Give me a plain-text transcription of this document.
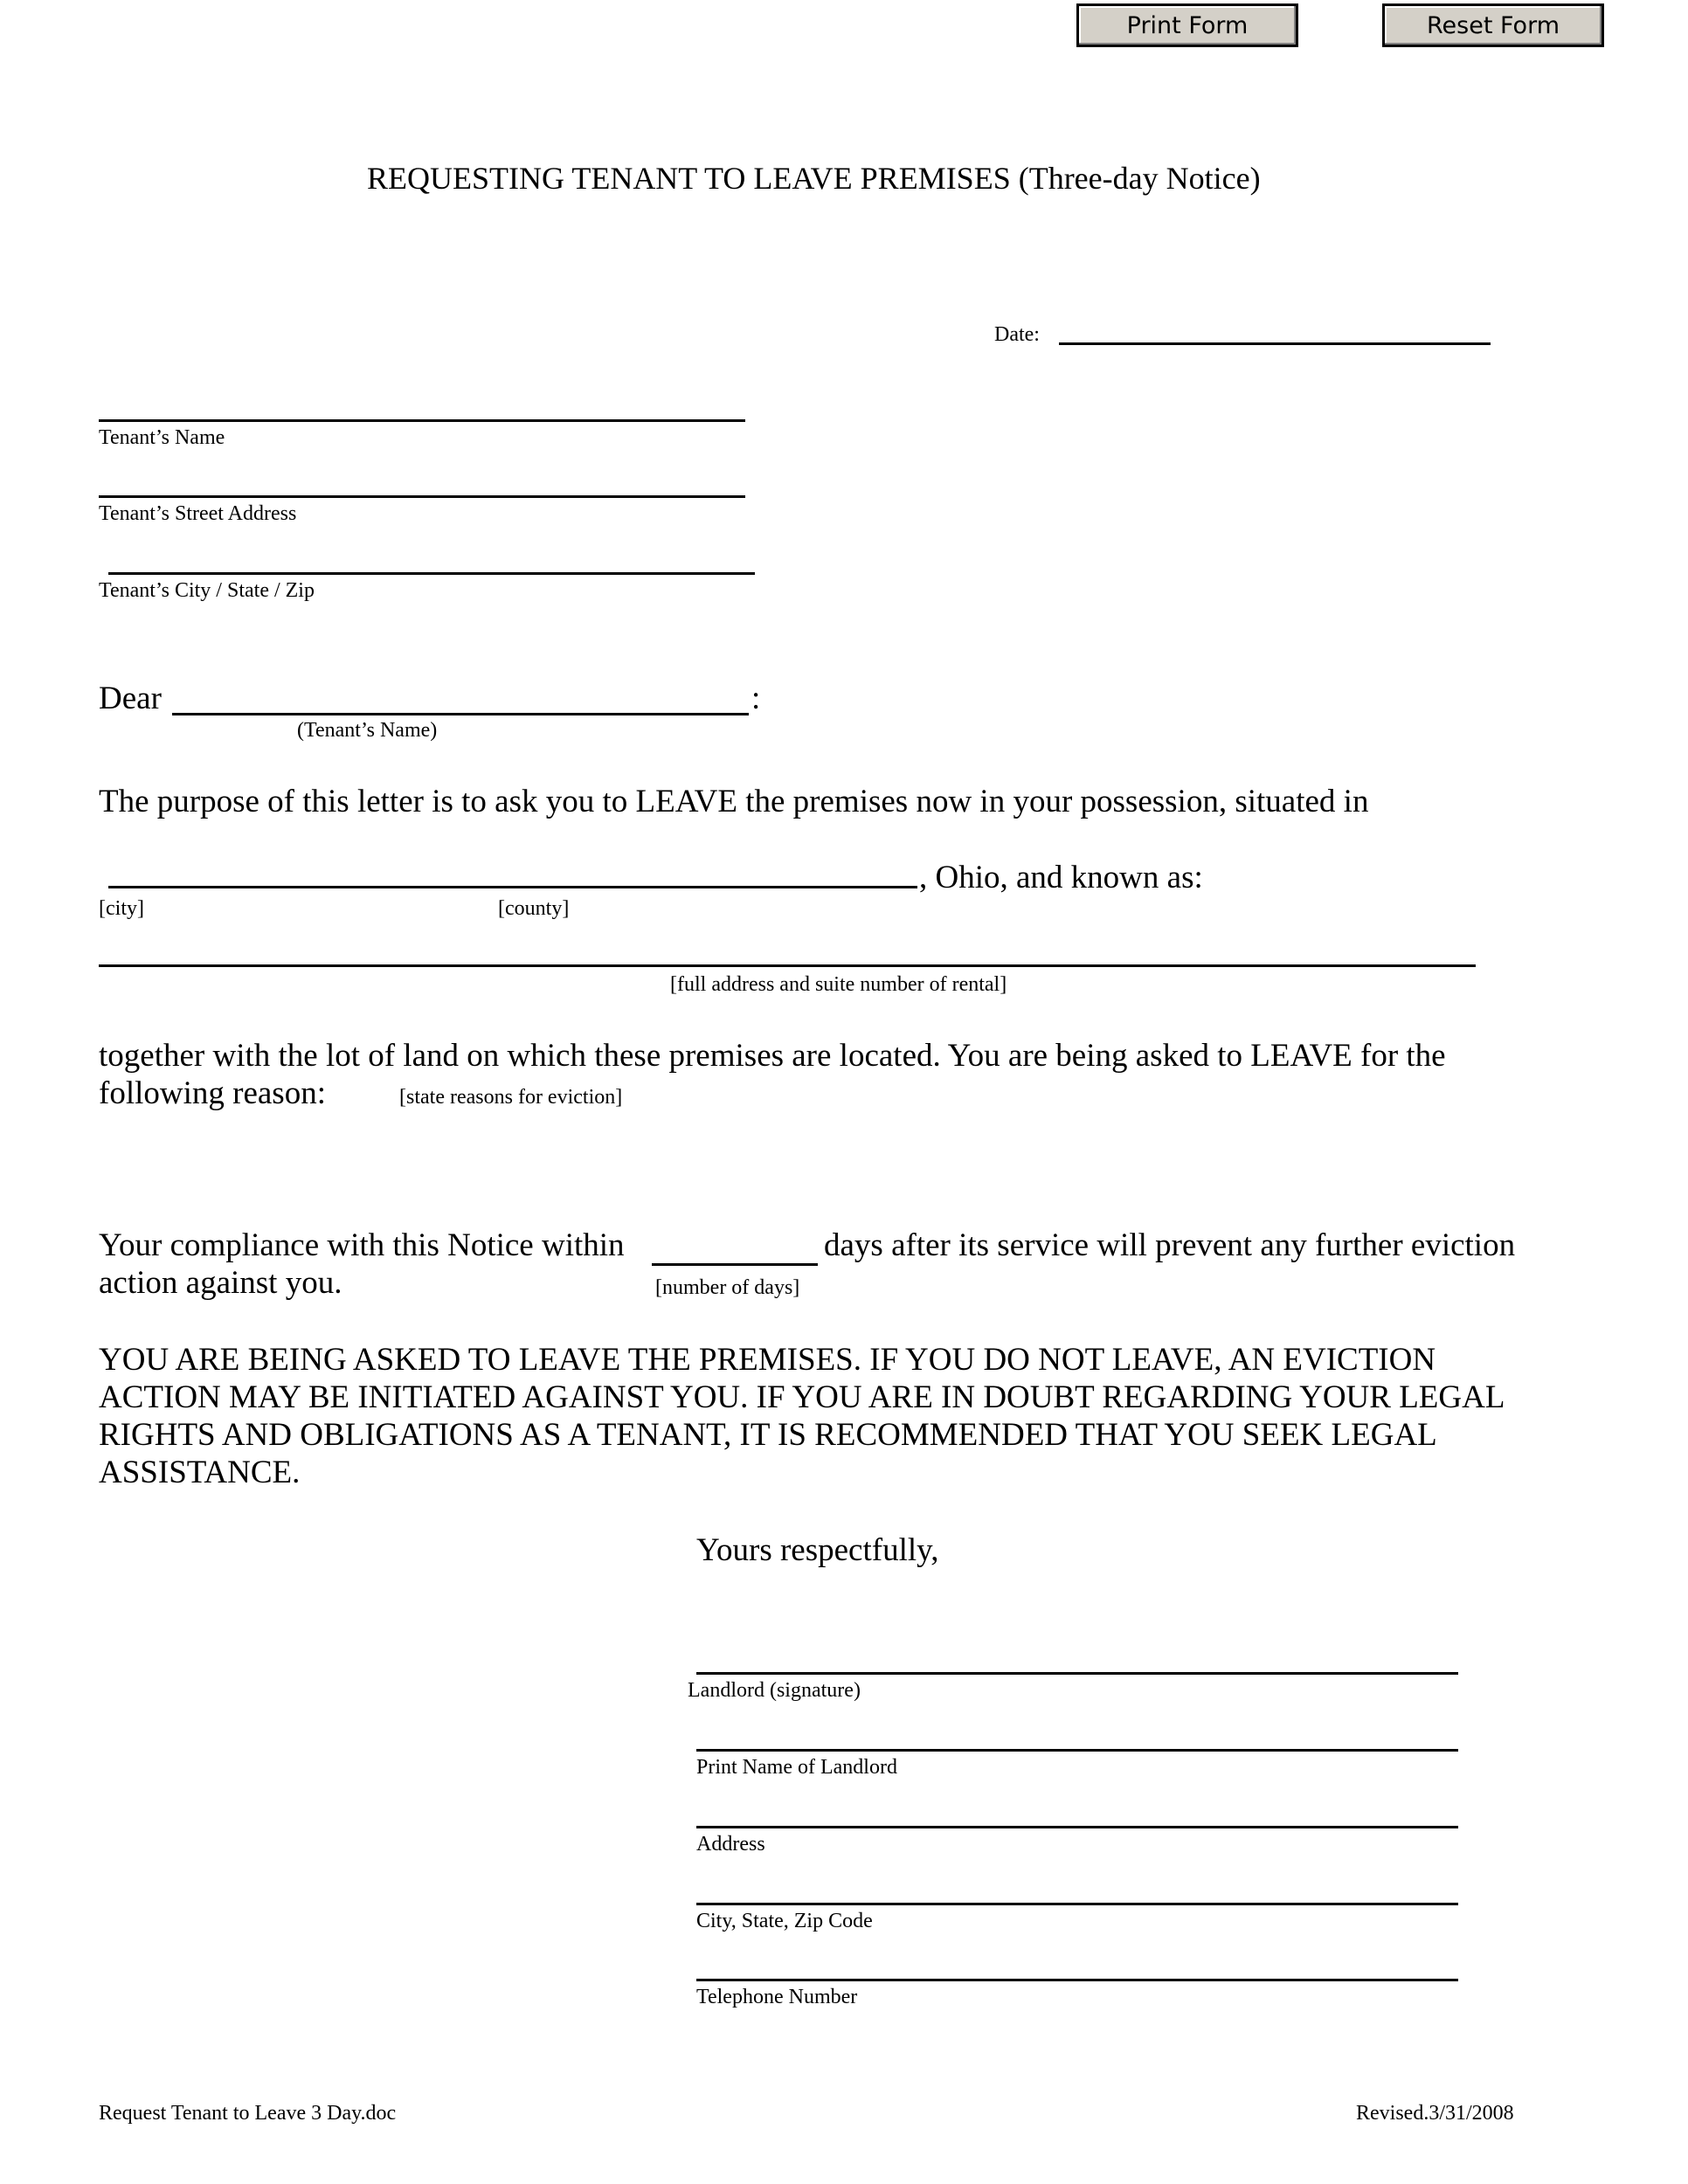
Print Form	Reset Form
REQUESTING TENANT TO LEAVE PREMISES (Three-day Notice)
Date:
Tenant’s Name
Tenant’s Street Address
Tenant’s City / State / Zip
Dear	:
(Tenant’s Name)
The purpose of this letter is to ask you to LEAVE the premises now in your possession, situated in
, Ohio, and known as:
[city]	[county]
[full address and suite number of rental]
together with the lot of land on which these premises are located. You are being asked to LEAVE for the
following reason:	[state reasons for eviction]
Your compliance with this Notice within	days after its service will prevent any further eviction
action against you.	[number of days]
YOU ARE BEING ASKED TO LEAVE THE PREMISES. IF YOU DO NOT LEAVE, AN EVICTION
ACTION MAY BE INITIATED AGAINST YOU. IF YOU ARE IN DOUBT REGARDING YOUR LEGAL
RIGHTS AND OBLIGATIONS AS A TENANT, IT IS RECOMMENDED THAT YOU SEEK LEGAL
ASSISTANCE.
Yours respectfully,
Landlord (signature)
Print Name of Landlord
Address
City, State, Zip Code
Telephone Number
Request Tenant to Leave 3 Day.doc	Revised.3/31/2008
